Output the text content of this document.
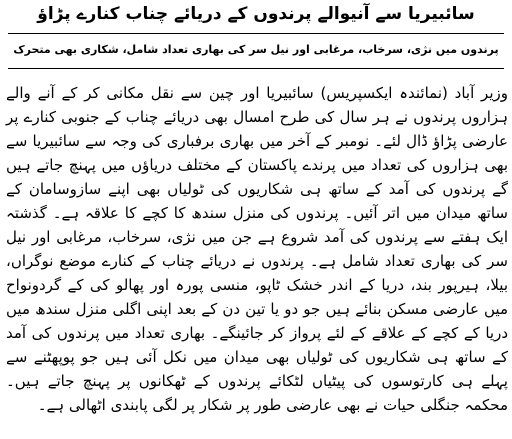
سائبیریا سے آنیوالے پرندوں کے دریائے چناب کنارے پڑاؤ
پرندوں میں نژی، سرخاب، مرغابی اور نیل سر کی بھاری تعداد شامل، شکاری بھی متحرک

وزیر آباد (نمائندہ ایکسپریس) سائبیریا اور چین سے نقل مکانی کر کے آنے والے ہزاروں پرندوں نے ہر سال کی طرح امسال بھی دریائے چناب کے جنوبی کنارے پر عارضی پڑاؤ ڈال لئے۔ نومبر کے آخر میں بھاری برفباری کی وجہ سے سائبیریا سے بھی ہزاروں کی تعداد میں پرندے پاکستان کے مختلف دریاؤں میں پہنچ جاتے ہیں گے پرندوں کی آمد کے ساتھ ہی شکاریوں کی ٹولیاں بھی اپنے سازوسامان کے ساتھ میدان میں اتر آئیں۔ پرندوں کی منزل سندھ کا کچے کا علاقہ ہے۔ گذشتہ ایک ہفتے سے پرندوں کی آمد شروع ہے جن میں نژی، سرخاب، مرغابی اور نیل سر کی بھاری تعداد شامل ہے۔ پرندوں نے دریائے چناب کے کنارے موضع نوگراں، بیلا، ہیرپور بند، دریا کے اندر خشک ٹاپو، منسی پورہ اور پھالو کی کے گردونواح میں عارضی مسکن بنائے ہیں جو دو یا تین دن کے بعد اپنی اگلی منزل سندھ میں دریا کے کچے کے علاقے کے لئے پرواز کر جائینگے۔ بھاری تعداد میں پرندوں کی آمد کے ساتھ ہی شکاریوں کی ٹولیاں بھی میدان میں نکل آئی ہیں جو پوپھٹنے سے پہلے ہی کارتوسوں کی پیٹیاں لٹکائے پرندوں کے ٹھکانوں پر پہنچ جاتے ہیں۔ محکمہ جنگلی حیات نے بھی عارضی طور پر شکار پر لگی پابندی اٹھالی ہے۔
